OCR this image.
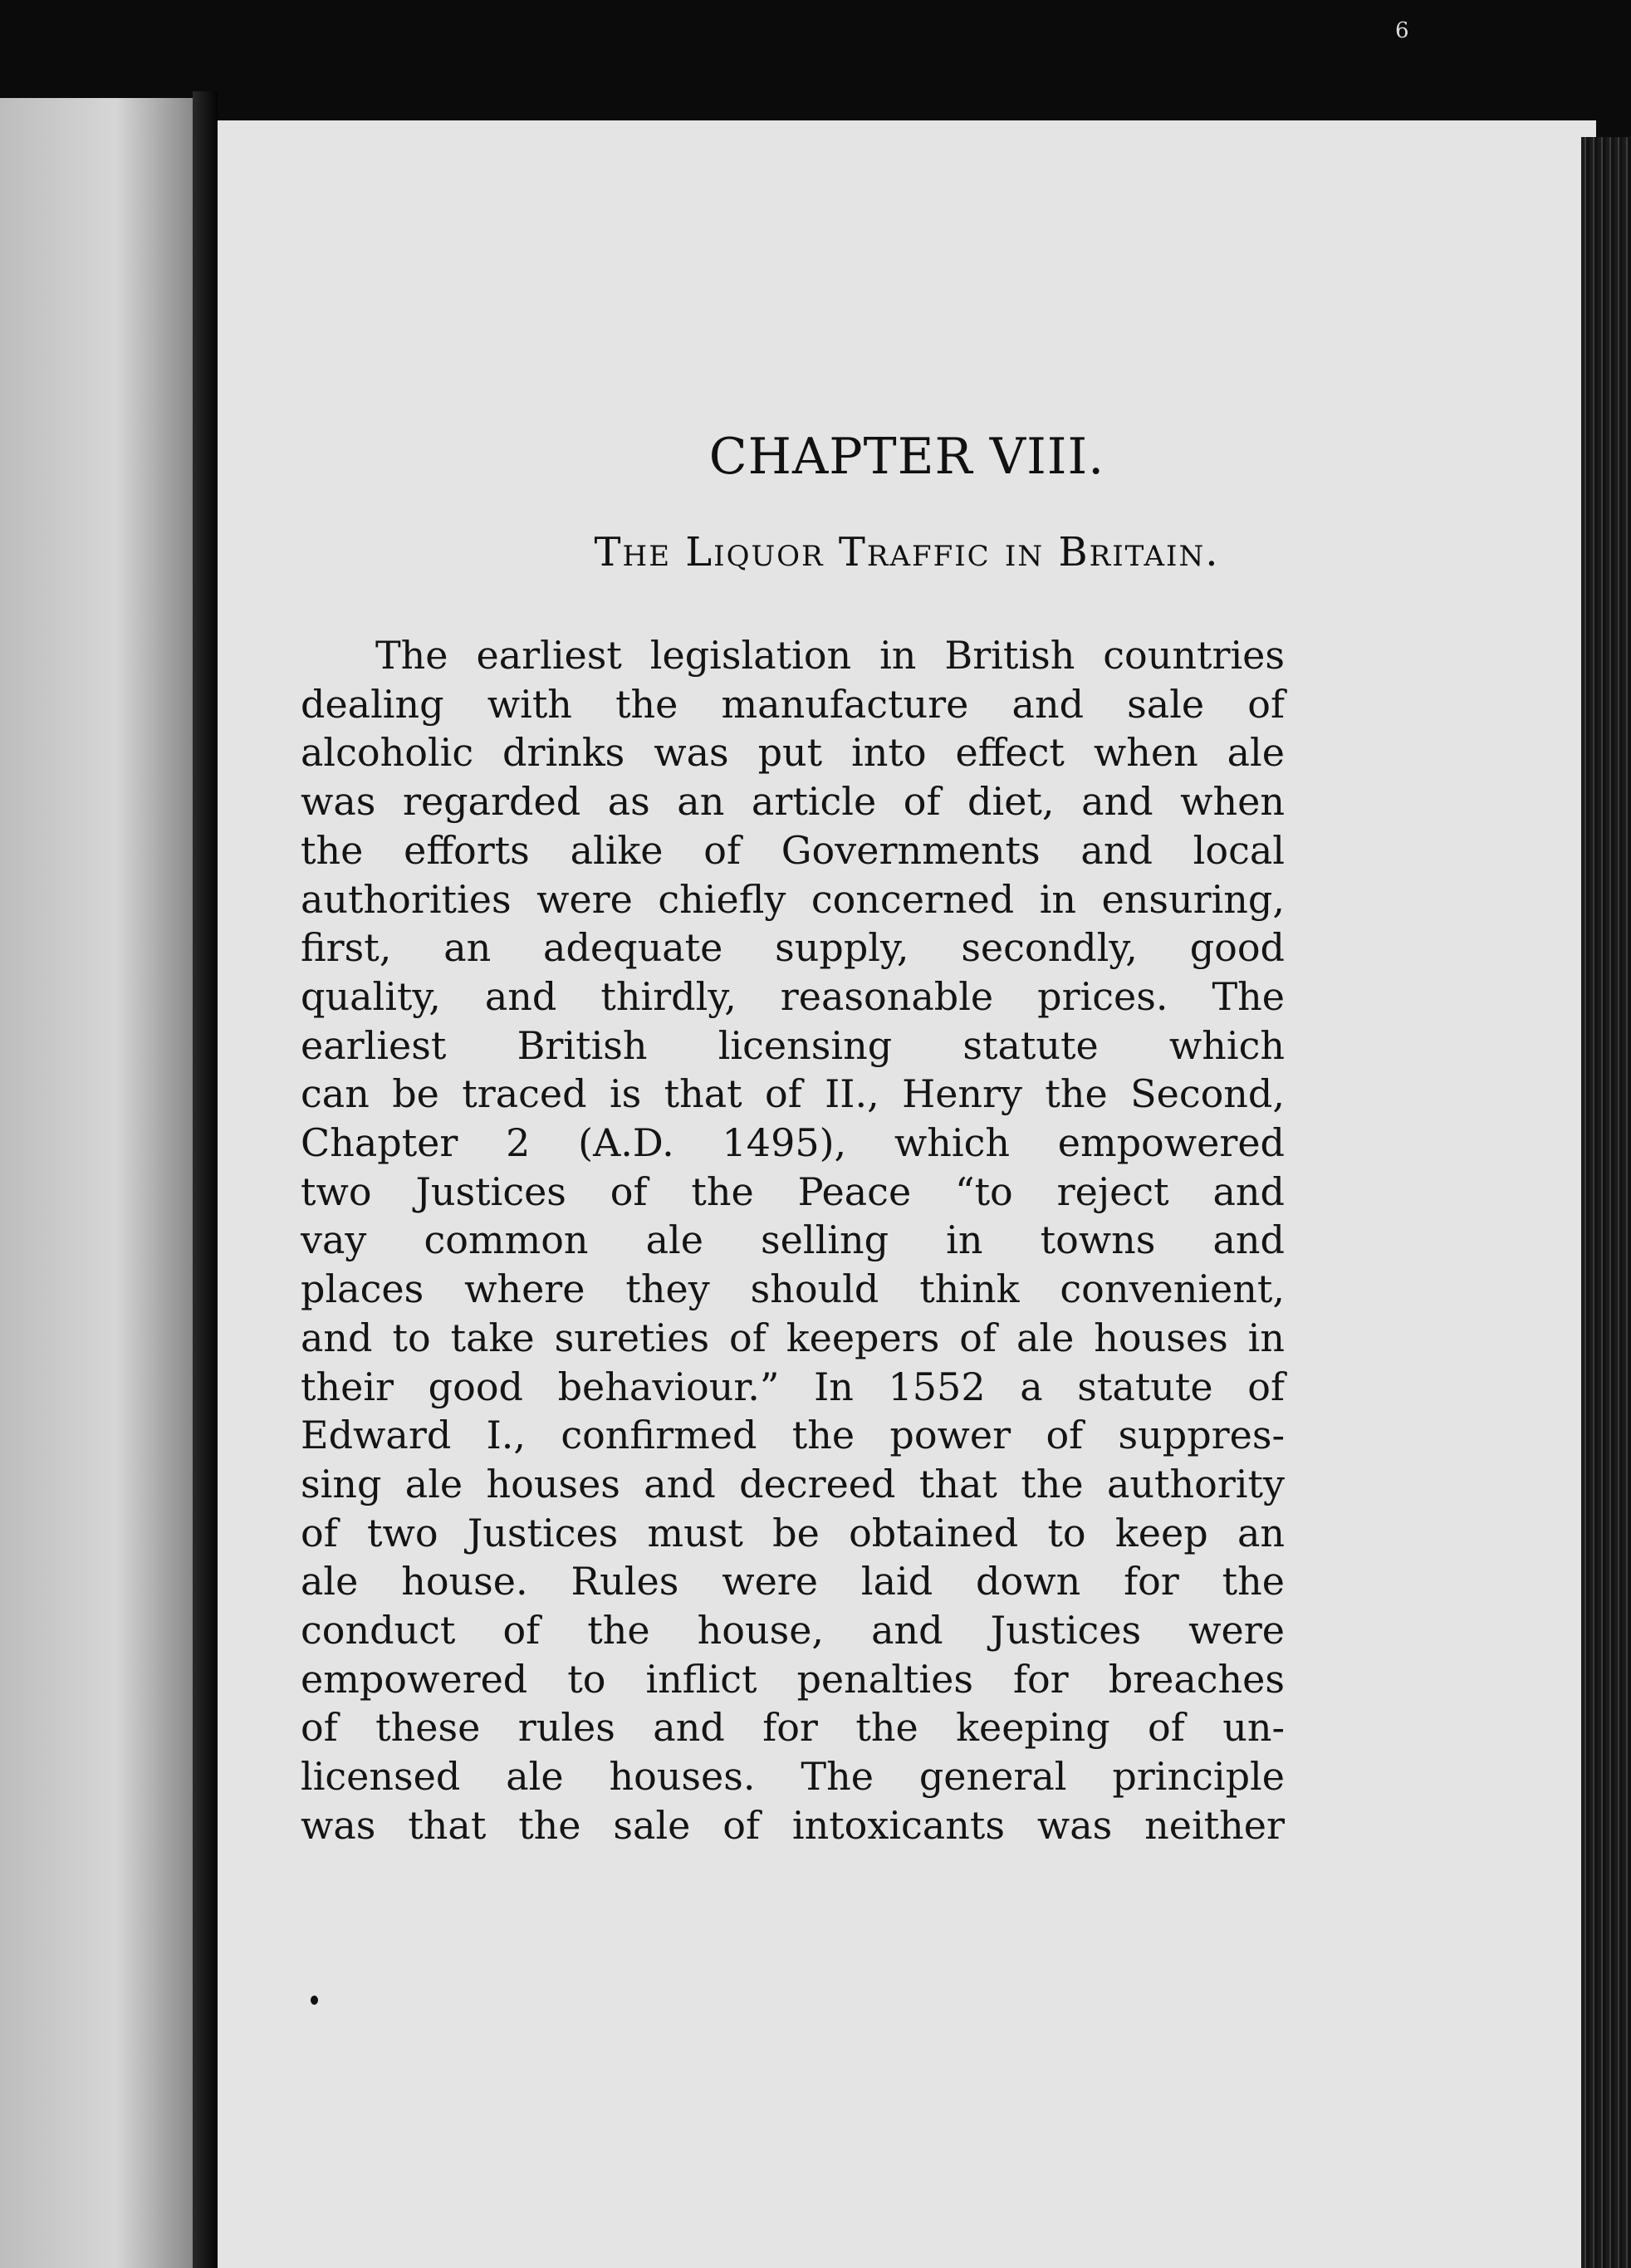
6
CHAPTER VIII.
The Liquor Traffic in Britain.
The earliest legislation in British countries
dealing with the manufacture and sale of
alcoholic drinks was put into effect when ale
was regarded as an article of diet, and when
the efforts alike of Governments and local
authorities were chiefly concerned in ensuring,
first, an adequate supply, secondly, good
quality, and thirdly, reasonable prices. The
earliest British licensing statute which
can be traced is that of II., Henry the Second,
Chapter 2 (A.D. 1495), which empowered
two Justices of the Peace “to reject and
vay common ale selling in towns and
places where they should think convenient,
and to take sureties of keepers of ale houses in
their good behaviour.” In 1552 a statute of
Edward I., confirmed the power of suppres-
sing ale houses and decreed that the authority
of two Justices must be obtained to keep an
ale house. Rules were laid down for the
conduct of the house, and Justices were
empowered to inflict penalties for breaches
of these rules and for the keeping of un-
licensed ale houses. The general principle
was that the sale of intoxicants was neither
